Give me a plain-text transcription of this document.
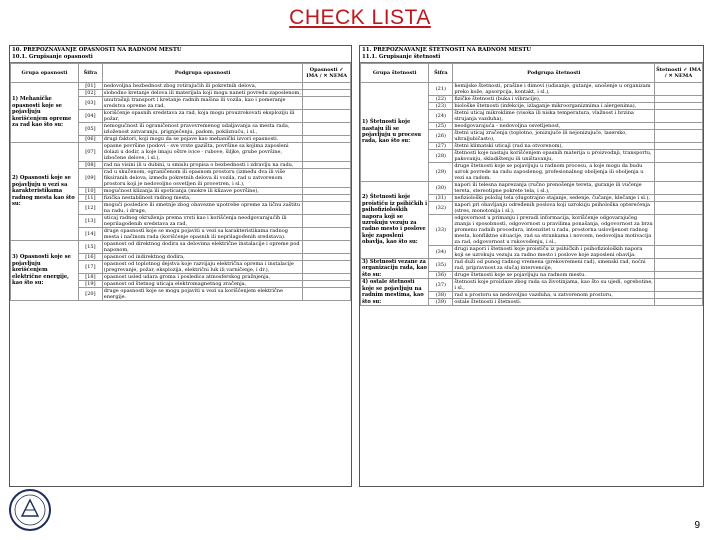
CHECK LISTA
10. PREPOZNAVANJE OPASNOSTI NA RADNOM MESTU
10.1. Grupisanje opasnosti
Grupa opasnosti	Šifra	Podgrupa opasnosti	Opasnosti ✓ IMA / ✕ NEMA
1) Mehaničke opasnosti koje se pojavljuju korišćenjem opreme za rad kao što su:	[01]	nedovoljna bezbednost zbog rotirajućih ili pokretnih delova,	
	[02]	slobodno kretanje delova ili materijala koji mogu naneti povredu zaposlenom,	
	[03]	unutrašnji transport i kretanje radnih mašina ili vozila, kao i pomeranje sredstva opreme za rad,	
	[04]	korišćenje opasnih sredstava za rad, koja mogu prouzrokovati eksploziju ili požar,	
	[05]	nemogućnost ili ograničenost pravovremenog udaljavanja sa mesta rada, izloženost zatvaranju, prignječenju, padom, pokliznuću, i sl.,	
	[06]	drugi faktori, koji mogu da se pojave kao mehanički izvori opasnosti.	
2) Opasnosti koje se pojavljuju u vezi sa karakteristikama radnog mesta kao što su:	[07]	opasne površine (podovi - sve vrste gazišta, površine sa kojima zaposleni dolazi u dodir, a koje imaju oštre ivice - rubove, šiljke, grube površine, izbočene delove, i sl.),	
	[08]	rad na visini ili u dubini, u smislu propisa o bezbednosti i zdravlju na radu,	
	[09]	rad u skučenom, ograničenom ili opasnom prostoru (između dva ili više fiksiranih delova, između pokretnih delova ili vozila, rad u zatvorenom prostoru koji je nedovoljno osvetljen ili provetren, i sl.),	
	[10]	mogućnost klizanja ili spoticanja (mokre ili klizave površine),	
	[11]	fizička nestabilnost radnog mesta,	
	[12]	mogući posledice ili smetnje zbog obavezne upotrebe opreme za ličnu zaštitu na radu, i druge,	
	[13]	uticaj radnog okruženja prema vrsti kao i korišćenja neodgovarajućih ili neprilagođenih sredstava za rad,	
	[14]	druge opasnosti koje se mogu pojaviti u vezi sa karakteristikama radnog mesta i načinom rada (korišćenje opasnih ili neprilagođenih sredstava).	
3) Opasnosti koje se pojavljuju korišćenjem električne energije, kao što su:	[15]	opasnost od direktnog dodira sa delovima električne instalacije i opreme pod naponom,	
	[16]	opasnost od indirektnog dodira,	
	[17]	opasnost od toplotnog dejstva koje razvijaju električna oprema i instalacije (pregrevanje, požar, eksplozija, električni luk ili varničenje, i dr.),	
	[18]	opasnost usled udara groma i posledica atmosferskog pražnjenja,	
	[19]	opasnost od štetnog uticaja elektromagnetnog zračenja,	
	[20]	druge opasnosti koje se mogu pojaviti u vezi sa korišćenjem električne energije.	
11. PREPOZNAVANJE ŠTETNOSTI NA RADNOM MESTU
11.1. Grupisanje štetnosti
Grupa štetnosti	Šifra	Podgrupa štetnosti	Štetnosti ✓ IMA / ✕ NEMA
1) Štetnosti koje nastaju ili se pojavljuju u procesu rada, kao što su:	(21)	hemijske štetnosti, prašine i dimovi (udisanje, gutanje, unošenje u organizam preko kože, apsorpcija, kontakt, i sl.),	
	(22)	fizičke štetnosti (buka i vibracije),	
	(23)	biološke štetnosti (infekcije, izlaganje mikroorganizmima i alergenima),	
	(24)	štetni uticaj mikroklime (visoka ili niska temperatura, vlažnost i brzina strujanja vazduha),	
	(25)	neodgovarajuća - nedovoljna osvetljenost,	
	(26)	štetni uticaj zračenja (toplotno, jonizujuće ili nejonizujuće, lasersko, ultraljubičasto),	
	(27)	štetni klimatski uticaji (rad na otvorenom),	
	(28)	štetnosti koje nastaju korišćenjem opasnih materija u proizvodnji, transportu, pakovanju, skladištenju ili uništavanju,	
	(29)	druge štetnosti koje se pojavljuju u radnom procesu, a koje mogu da budu uzrok povrede na radu zaposlenog, profesionalnog oboljenja ili oboljenja u vezi sa radom.	
2) Štetnosti koje proističu iz psihičkih i psihofizioloških napora koji se uzrokuju vezuju za radno mesto i poslove koje zaposleni obavlja, kao što su:	(30)	napori ili telesna naprezanja (ručno prenošenje tereta, guranje ili vučenje tereta, stereotipne pokrete tela, i sl.),	
	(31)	nefiziološki položaj tela (dugotrajno stajanje, sedenje, čučanje, klečanje i sl.),	
	(32)	napori pri obavljanju određenih poslova koji uzrokuju psihološka opterećenja (stres, monotonija i sl.),	
	(33)	odgovornost u primanju i preradi informacija, korišćenje odgovarajućeg znanja i sposobnosti, odgovornost u pravilima ponašanja, odgovornost za brzu promenu radnih procedura, intenzitet u radu, prostorna uslovljenost radnog mesta, konfliktne situacije, rad sa strankama i novcem, nedovoljna motivacija za rad, odgovornost u rukovođenju, i sl.,	
	(34)	drugi napori i štetnosti koje proističu iz psihičkih i psihofizioloških napora koji se uzrokuju vezuju za radno mesto i poslove koje zaposleni obavlja.	
3) Štetnosti vezane za organizaciju rada, kao što su:	(35)	rad duži od punog radnog vremena (prekovremeni rad), smenski rad, noćni rad, pripravnost za slučaj intervencije,	
	(36)	druge štetnosti koje se pojavljuju na radnom mestu.	
4) ostale štetnosti koje se pojavljuju na radnim mestima, kao što su:	(37)	štetnosti koje proizlaze zbog rada sa životinjama, kao što su ujedi, ogrebotine, i sl.,	
	(38)	rad u prostoru sa nedovoljno vazduha, u zatvorenom prostoru,	
	(39)	ostale štetnosti i štetnosti.	
9
